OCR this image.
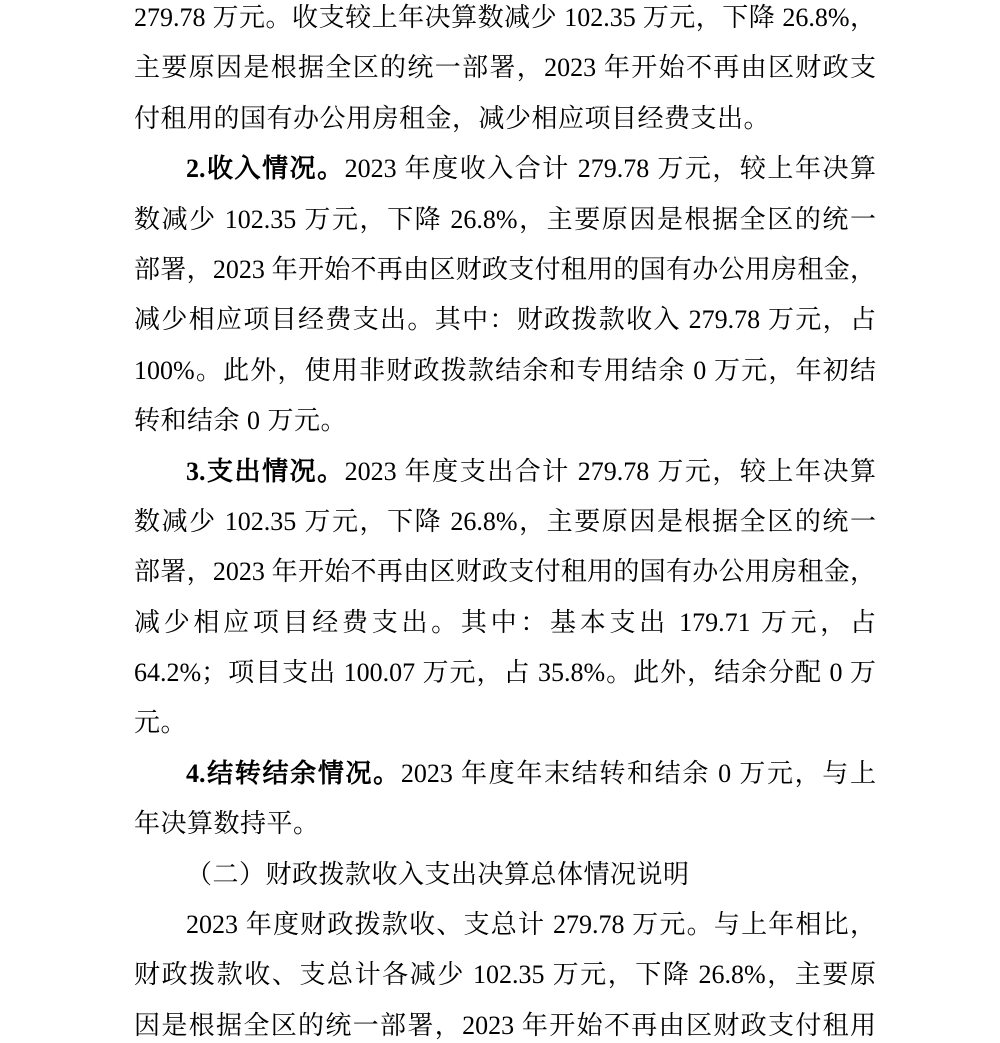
279.78 万元。收支较上年决算数减少 102.35 万元，下降 26.8%，
主要原因是根据全区的统一部署，2023 年开始不再由区财政支
付租用的国有办公用房租金，减少相应项目经费支出。
2.收入情况。2023 年度收入合计 279.78 万元，较上年决算
数减少 102.35 万元，下降 26.8%，主要原因是根据全区的统一
部署，2023 年开始不再由区财政支付租用的国有办公用房租金，
减少相应项目经费支出。其中：财政拨款收入 279.78 万元，占
100%。此外，使用非财政拨款结余和专用结余 0 万元，年初结
转和结余 0 万元。
3.支出情况。2023 年度支出合计 279.78 万元，较上年决算
数减少 102.35 万元，下降 26.8%，主要原因是根据全区的统一
部署，2023 年开始不再由区财政支付租用的国有办公用房租金，
减少相应项目经费支出。其中：基本支出 179.71 万元，占
64.2%；项目支出 100.07 万元，占 35.8%。此外，结余分配 0 万
元。
4.结转结余情况。2023 年度年末结转和结余 0 万元，与上
年决算数持平。
（二）财政拨款收入支出决算总体情况说明
2023 年度财政拨款收、支总计 279.78 万元。与上年相比，
财政拨款收、支总计各减少 102.35 万元，下降 26.8%，主要原
因是根据全区的统一部署，2023 年开始不再由区财政支付租用
